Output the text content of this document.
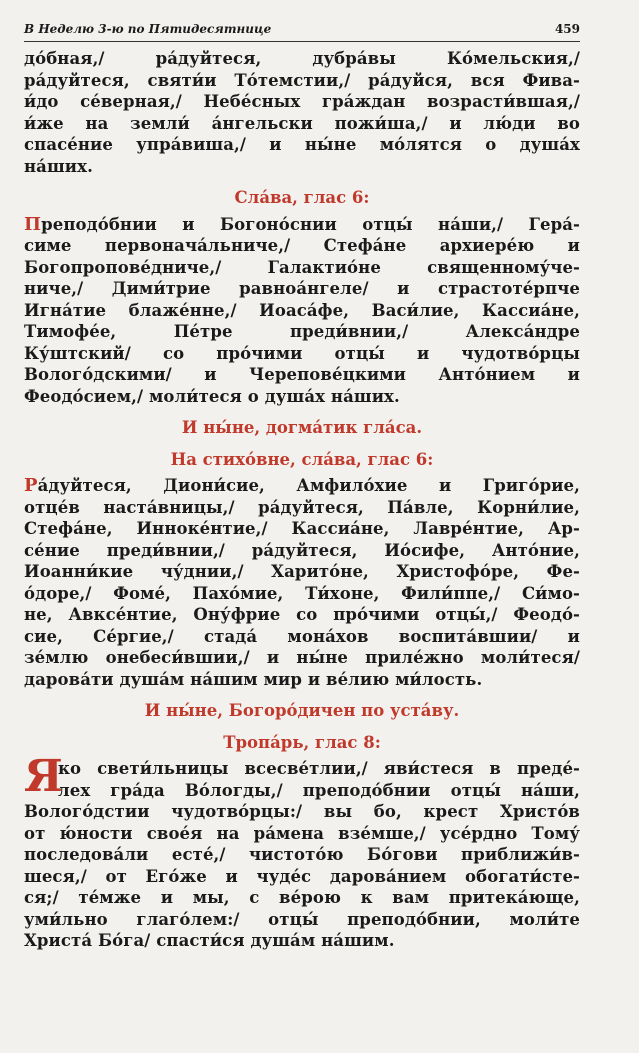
В Неделю 3-ю по Пятидесятнице	459

до́бная,/ ра́дуйтеся, дубра́вы Ко́мельския,/
ра́дуйтеся, святи́и То́темстии,/ ра́дуйся, вся Фива-
и́до се́верная,/ Небе́сных гра́ждан возрасти́вшая,/
и́же на земли́ а́нгельски пожи́ша,/ и лю́ди во
спасе́ние упра́виша,/ и ны́не мо́лятся о душа́х
на́ших.

Сла́ва, глас 6:

Преподо́бнии и Богоно́снии отцы́ на́ши,/ Гера́-
симе первонача́льниче,/ Стефа́не архиере́ю и
Богопропове́дниче,/ Галактио́не священному́че-
ниче,/ Дими́трие равноа́нгеле/ и страстоте́рпче
Игна́тие блаже́нне,/ Иоаса́фе, Васи́лие, Кассиа́не,
Тимофе́е, Пе́тре преди́внии,/ Алекса́ндре
Ку́штский/ со про́чими отцы́ и чудотво́рцы
Волого́дскими/ и Черепове́цкими Анто́нием и
Феодо́сием,/ моли́теся о душа́х на́ших.

И ны́не, догма́тик гла́са.
На стихо́вне, сла́ва, глас 6:

Ра́дуйтеся, Диони́сие, Амфило́хие и Григо́рие,
отце́в наста́вницы,/ ра́дуйтеся, Па́вле, Корни́лие,
Стефа́не, Инноке́нтие,/ Кассиа́не, Лавре́нтие, Ар-
се́ние преди́внии,/ ра́дуйтеся, Ио́сифе, Анто́ние,
Иоанни́кие чу́днии,/ Харито́не, Христофо́ре, Фе-
о́доре,/ Фоме́, Пахо́мие, Ти́хоне, Фили́ппе,/ Си́мо-
не, Авксе́нтие, Ону́фрие со про́чими отцы́,/ Феодо́-
сие, Се́ргие,/ стада́ мона́хов воспита́вшии/ и
зе́млю онебеси́вшии,/ и ны́не приле́жно моли́теся/
дарова́ти душа́м на́шим мир и ве́лию ми́лость.

И ны́не, Богоро́дичен по уста́ву.
Тропа́рь, глас 8:
Я

ко свети́льницы всесве́тлии,/ яви́стеся в преде́-
лех гра́да Во́логды,/ преподо́бнии отцы́ на́ши,

Волого́дстии чудотво́рцы:/ вы бо, крест Христо́в
от ю́ности свое́я на ра́мена взе́мше,/ усе́рдно Тому́
последова́ли есте́,/ чистото́ю Бо́гови приближи́в-
шеся,/ от Его́же и чуде́с дарова́нием обогати́сте-
ся;/ те́мже и мы, с ве́рою к вам притека́юще,
уми́льно глаго́лем:/ отцы́ преподо́бнии, моли́те
Христа́ Бо́га/ спасти́ся душа́м на́шим.
